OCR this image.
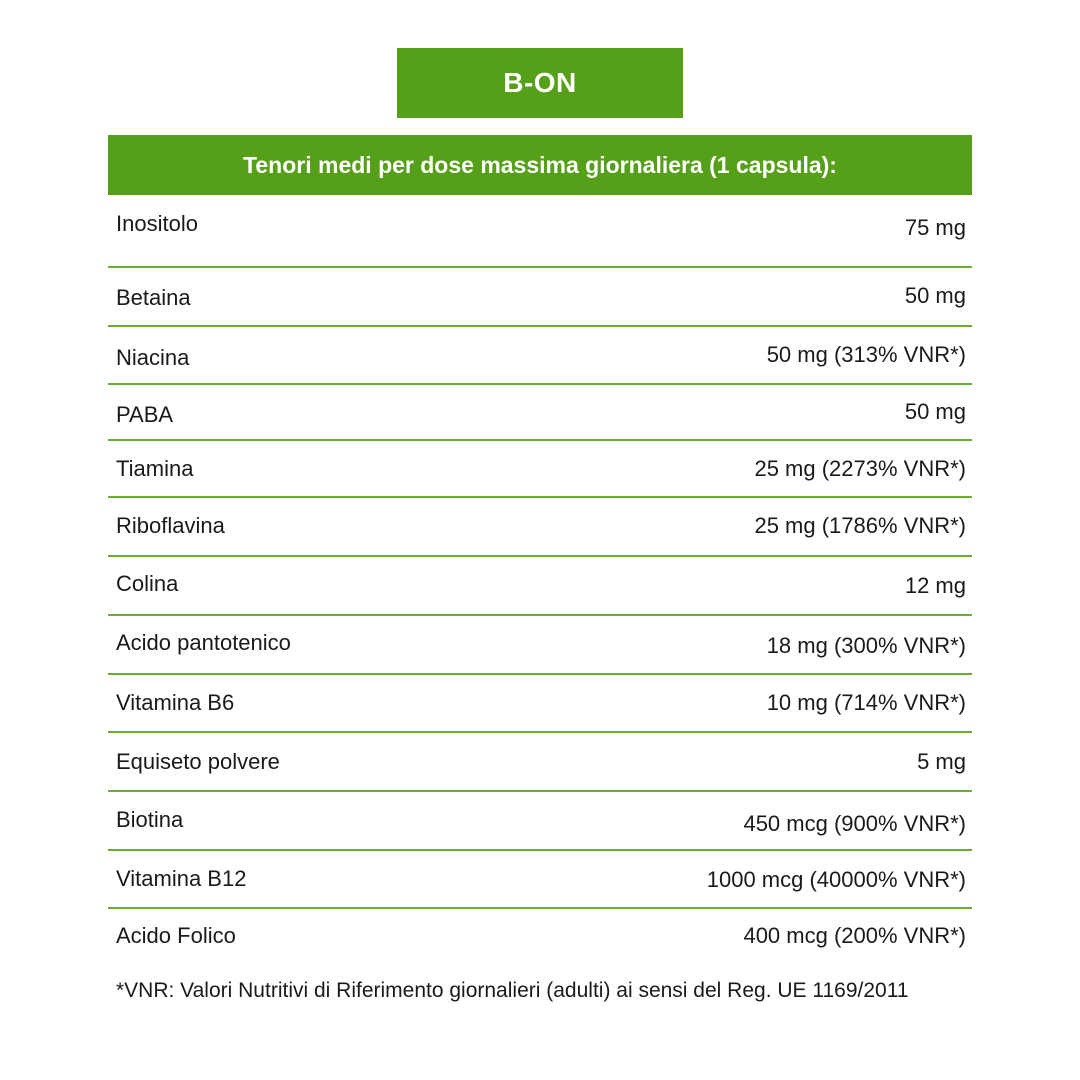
B-ON
Tenori medi per dose massima giornaliera (1 capsula):
Inositolo	75 mg
Betaina	50 mg
Niacina	50 mg (313% VNR*)
PABA	50 mg
Tiamina	25 mg (2273% VNR*)
Riboflavina	25 mg (1786% VNR*)
Colina	12 mg
Acido pantotenico	18 mg (300% VNR*)
Vitamina B6	10 mg (714% VNR*)
Equiseto polvere	5 mg
Biotina	450 mcg (900% VNR*)
Vitamina B12	1000 mcg (40000% VNR*)
Acido Folico	400 mcg (200% VNR*)
*VNR: Valori Nutritivi di Riferimento giornalieri (adulti) ai sensi del Reg. UE 1169/2011
